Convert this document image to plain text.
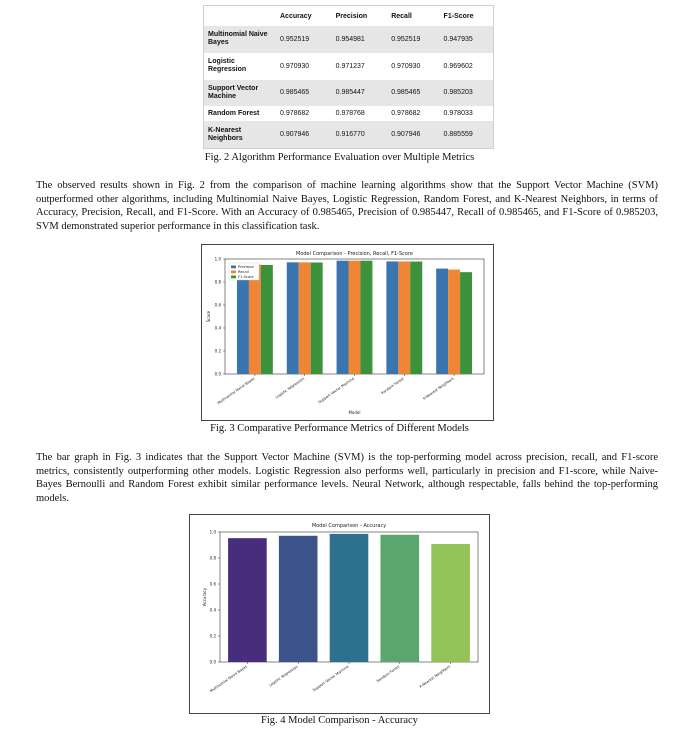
	Accuracy	Precision	Recall	F1-Score
Multinomial Naive Bayes	0.952519	0.954981	0.952519	0.947935
Logistic Regression	0.970930	0.971237	0.970930	0.969602
Support Vector Machine	0.985465	0.985447	0.985465	0.985203
Random Forest	0.978682	0.978768	0.978682	0.978033
K-Nearest Neighbors	0.907946	0.916770	0.907946	0.885559
Fig. 2 Algorithm Performance Evaluation over Multiple Metrics
The observed results shown in Fig. 2 from the comparison of machine learning algorithms show that the Support Vector Machine (SVM) outperformed other algorithms, including Multinomial Naive Bayes, Logistic Regression, Random Forest, and K-Nearest Neighbors, in terms of Accuracy, Precision, Recall, and F1-Score. With an Accuracy of 0.985465, Precision of 0.985447, Recall of 0.985465, and F1-Score of 0.985203, SVM demonstrated superior performance in this classification task.
Model Comparison - Precision, Recall, F1-Score
0.0
0.2
0.4
0.6
0.8
1.0
Score
Multinomial Naive Bayes	Logistic Regression	Support Vector Machine	Random Forest	K-Nearest Neighbors
Precision
Recall
F1-Score
Model
Fig. 3 Comparative Performance Metrics of Different Models
The bar graph in Fig. 3 indicates that the Support Vector Machine (SVM) is the top-performing model across precision, recall, and F1-score metrics, consistently outperforming other models. Logistic Regression also performs well, particularly in precision and F1-score, while Naive-Bayes Bernoulli and Random Forest exhibit similar performance levels. Neural Network, although respectable, falls behind the top-performing models.
Model Comparison - Accuracy
0.0
0.2
0.4
0.6
0.8
1.0
Accuracy
Multinomial Naive Bayes	Logistic Regression	Support Vector Machine	Random Forest	K-Nearest Neighbors
Fig. 4 Model Comparison - Accuracy
